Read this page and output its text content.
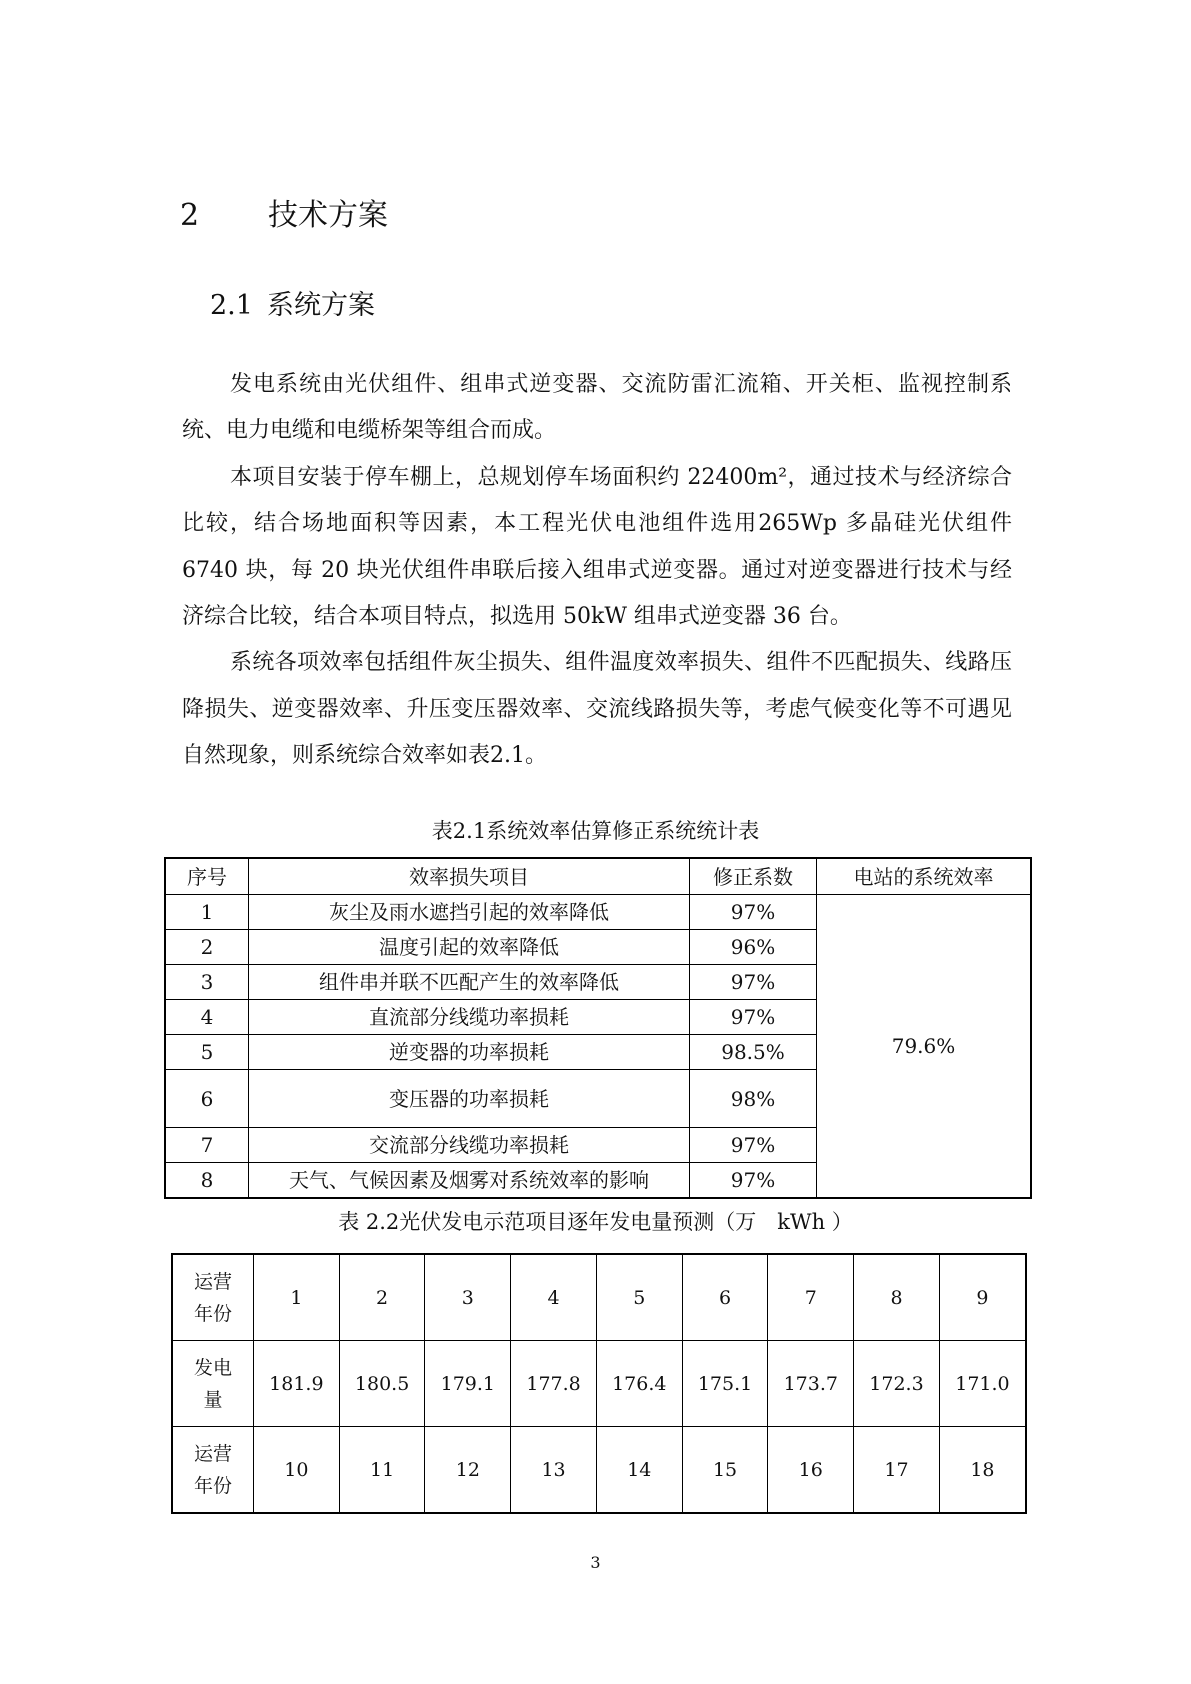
2 技术方案
2.1 系统方案

发电系统由光伏组件、组串式逆变器、交流防雷汇流箱、开关柜、监视控制系统、电力电缆和电缆桥架等组合而成。

本项目安装于停车棚上，总规划停车场面积约 22400m²，通过技术与经济综合比较，结合场地面积等因素，本工程光伏电池组件选用265Wp 多晶硅光伏组件 6740 块，每 20 块光伏组件串联后接入组串式逆变器。通过对逆变器进行技术与经济综合比较，结合本项目特点，拟选用 50kW 组串式逆变器 36 台。

系统各项效率包括组件灰尘损失、组件温度效率损失、组件不匹配损失、线路压降损失、逆变器效率、升压变压器效率、交流线路损失等，考虑气候变化等不可遇见自然现象，则系统综合效率如表2.1。

表2.1系统效率估算修正系统统计表
序号	效率损失项目	修正系数	电站的系统效率
1	灰尘及雨水遮挡引起的效率降低	97%	79.6%
2	温度引起的效率降低	96%	
3	组件串并联不匹配产生的效率降低	97%	
4	直流部分线缆功率损耗	97%	
5	逆变器的功率损耗	98.5%	
6	变压器的功率损耗	98%	
7	交流部分线缆功率损耗	97%	
8	天气、气候因素及烟雾对系统效率的影响	97%	
表 2.2光伏发电示范项目逐年发电量预测（万　kWh ）
运营
年份	1	2	3	4	5	6	7	8	9
发电
量	181.9	180.5	179.1	177.8	176.4	175.1	173.7	172.3	171.0
运营
年份	10	11	12	13	14	15	16	17	18
3
